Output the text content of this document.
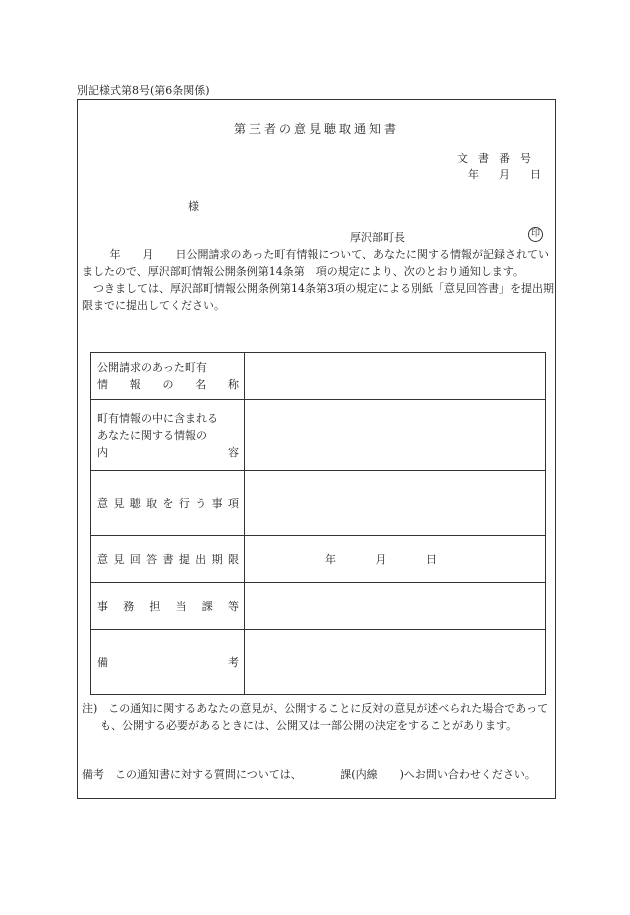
別記様式第8号(第6条関係)
第三者の意見聴取通知書
文書番号
年 月 日
様
厚沢部町長	印

年　　月　　日公開請求のあった町有情報について、あなたに関する情報が記録されていましたので、厚沢部町情報公開条例第14条第　項の規定により、次のとおり通知します。

つきましては、厚沢部町情報公開条例第14条第3項の規定による別紙「意見回答書」を提出期限までに提出してください。

公開請求のあった町有
情報の名称	

町有情報の中に含まれる
あなたに関する情報の
内容	

意見聴取を行う事項	

意見回答書提出期限	年 月 日

事務担当課等	

備考	

注)　この通知に関するあなたの意見が、公開することに反対の意見が述べられた場合であっても、公開する必要があるときには、公開又は一部公開の決定をすることがあります。
備考　この通知書に対する質問については、　　　　課(内線　　)へお問い合わせください。
